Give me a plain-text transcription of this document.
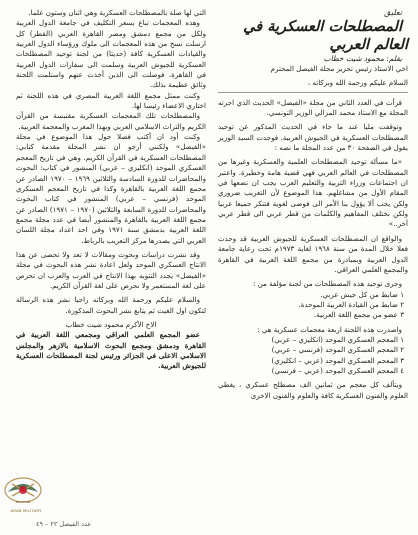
تعليق

المصطلحات العسكرية في العالم العربي

بقلم: محمود شيت خطاب

اخي الاستاذ رئيس تحرير مجلة الفيصل المحترم

السلام عليكم ورحمة الله وبركاته ،

قرأت في العدد الثاني من مجلة «الفيصل» الحديث الذي اجرته المجلة مع الاستاذ محمد المزالي الوزير التونسي.

وتوقفت مليا عند ما جاء في الحديث المذكور عن توحيد المصطلحات العسكرية في الجيوش العربية. فوجدت السيد الوزير يقول في الصفحة ٣٠ من عدد المجلة ما نصه :

«ما مسألة توحيد المصطلحات العلمية والعسكرية وغيرها من المصطلحات في العالم العربي فهي قضية هامة وخطيرة. واعتبر ان اجتماعات وزراء التربية والتعليم العرب يجب ان تضعها في المقام الأول من مشاغلهم. هذا الموضوع لأن التعريب ضروري ولكن يجب ألا يؤول بنا الأمر الى فوضى لغوية فتنكر جميعا عربيا ولكن نختلف المفاهيم والكلمات من قطر عربي الى قطر عربي آخر..»

والواقع ان المصطلحات العسكرية للجيوش العربية قد وحدت فعلا خلال المدة من سنة ١٩٦٨ لغاية ١٩٧٣م تحت رعاية جامعة الدول العربية وبمبادرة من مجمع اللغة العربية في القاهرة والمجمع العلمي العراقي.

وجرى توحيد هذه المصطلحات من لجنة مؤلفة من :

١ ضابط من كل جيش عربي.

٢ ضابط من القيادة العربية الموحدة.

٣ عضو من مجمع اللغة العربية.

واصدرت هذه اللجنة اربعة معجمات عسكرية هي :

١ المعجم العسكري الموحد (انكليزي – عربي)

٢ المعجم العسكري الموحد (فرنسي – عربي)

٣ المعجم العسكري الموحد (عربي – انكليزي)

٤ المعجم العسكري الموحد (عربي – فرنسي)

ويتألف كل معجم من ثمانين الف مصطلح عسكري ، يغطي العلوم والفنون العسكرية كافة والعلوم والفنون الاخرى

التي لها صلة بالمصطلحات العسكرية وهي اثنان وستون علما.

وهذه المعجمات تباع بسعر التكليف في جامعة الدول العربية ولكل من مجمع دمشق ومصر القاهرة العربي (القطر) كل ارسلت نسخ من هذه المعجمات الى ملوك ورؤساء الدول العربية والقيادات العسكرية كافة (حديثا) من لجنة توحيد المصطلحات العسكرية للجيوش العربية وسلمت الى سفارات الدول العربية في القاهرة. فوصلت الى الذين أخذت عنهم واستلمت اللجنة وثائق عظيمة بذلك.

وكنت ممثل مجمع اللغة العربية المصري في هذه اللجنة ثم اختاري الاعضاء رئيسا لها.

والمصطلحات تلك المعجمات العسكرية مقتبسة من القرآن الكريم والتراث الاسلامي العربي وبهذا المغرب والمعجمة العربية.

وكنت أود ان أكتب فصلا حول هذا الموضوع في مجلة «الفيصل» ولكنني أرجو ان نشر المجلة مقدمة كتابي: المصطلحات العسكرية في القرآن الكريم. وهي في تاريخ المعجم العسكري الموحد (انكليزي – عربي) المنشور في كتاب: البحوث والمحاضرات للدورة السادسة والثلاثين ١٩٦٩ – ١٩٧٠ الصادر عن مجمع اللغة العربية بالقاهرة وكذا في تاريخ المعجم العسكري الموحد (فرنسي – عربي) المنشور في كتاب البحوث والمحاضرات للدورة السابعة والثلاثين (١٩٧٠ – ١٩٧١) الصادر عن مجمع اللغة العربية بالقاهرة والمنشور أيضا في عدد مجلة مجمع اللغة العربية بدمشق سنة ١٩٧١ وفي احد اعداد مجلة اللسان العربي التي يصدرها مركز التعريب بالرباط.

وقد نشرت دراسات وبحوث ومقالات لا تعد ولا تحصى عن هذا الانتاج العسكري الموحد ولعل اعادة نشر هذه البحوث في مجلة «الفيصل» يجدد التنويه بهذا الانتاج في العرب والعرب ان تحرص على لغة المستعمر ولا نحرص على لغة القرآن الكريم.

والسلام عليكم ورحمة الله وبركاته راجيا نشر هذه الرسالة لتكون اول الغيث ثم يتابع نشر البحوث المذكورة.

الاخ الأكرم محمود شيت خطاب

عضو المجمع العلمي العراقي ومجمعي اللغة العربية في القاهرة ودمشق ومجمع البحوث الاسلامية بالازهر والمجلس الاسلامي الاعلى في الجزائر ورئيس لجنة المصطلحات العسكرية للجيوش العربية.

ARAB MILITARY
عدد الفيصل ٢٢ – ٤٩
